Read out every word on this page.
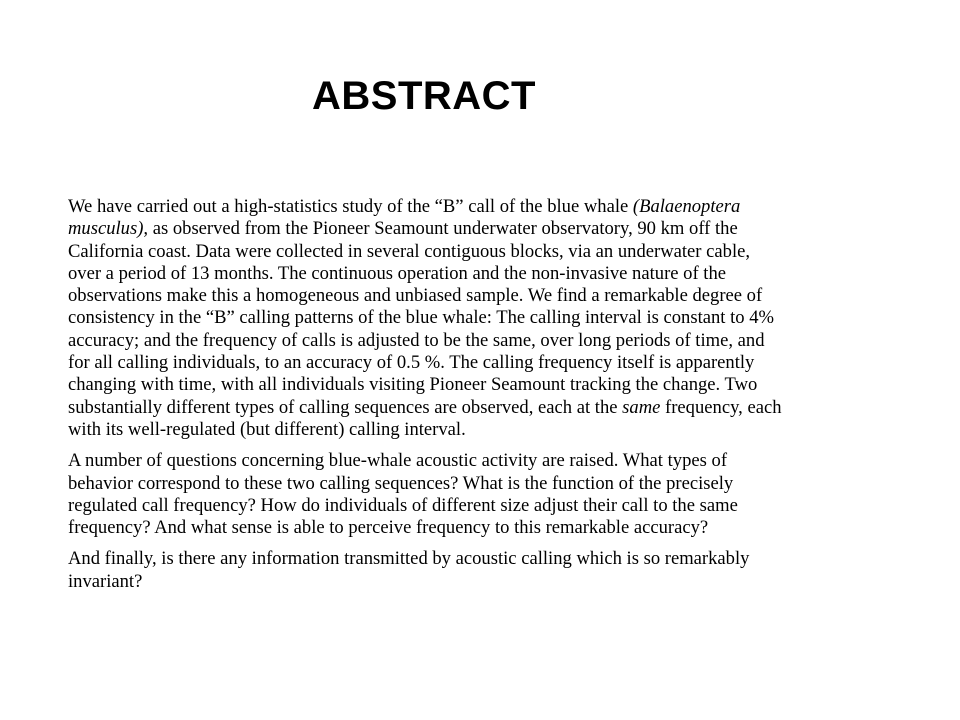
ABSTRACT

We have carried out a high-statistics study of the “B” call of the blue whale (Balaenoptera
musculus), as observed from the Pioneer Seamount underwater observatory, 90 km off the
California coast. Data were collected in several contiguous blocks, via an underwater cable,
over a period of 13 months. The continuous operation and the non-invasive nature of the
observations make this a homogeneous and unbiased sample. We find a remarkable degree of
consistency in the “B” calling patterns of the blue whale: The calling interval is constant to 4%
accuracy; and the frequency of calls is adjusted to be the same, over long periods of time, and
for all calling individuals, to an accuracy of 0.5 %. The calling frequency itself is apparently
changing with time, with all individuals visiting Pioneer Seamount tracking the change. Two
substantially different types of calling sequences are observed, each at the same frequency, each
with its well-regulated (but different) calling interval.

A number of questions concerning blue-whale acoustic activity are raised. What types of
behavior correspond to these two calling sequences? What is the function of the precisely
regulated call frequency? How do individuals of different size adjust their call to the same
frequency? And what sense is able to perceive frequency to this remarkable accuracy?

And finally, is there any information transmitted by acoustic calling which is so remarkably
invariant?
